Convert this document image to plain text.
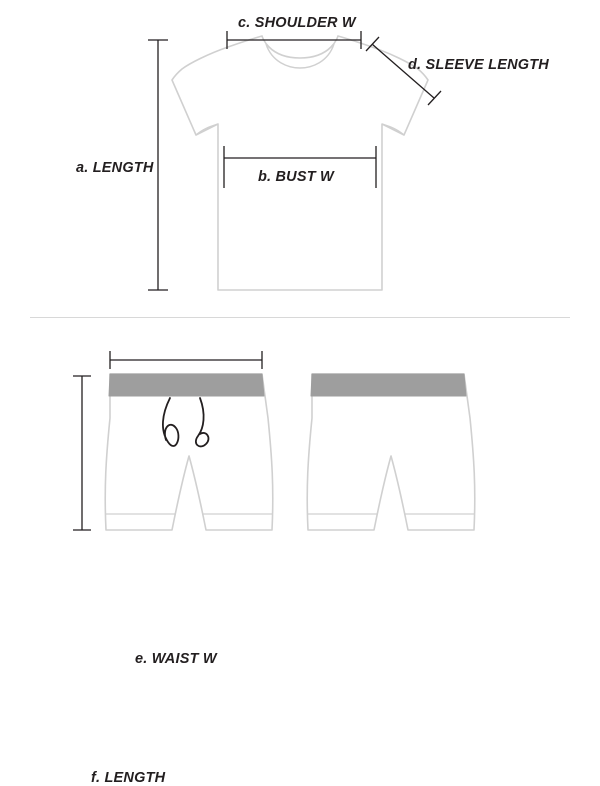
c. SHOULDER W
d. SLEEVE LENGTH
a. LENGTH
b. BUST W
e. WAIST W
f. LENGTH
